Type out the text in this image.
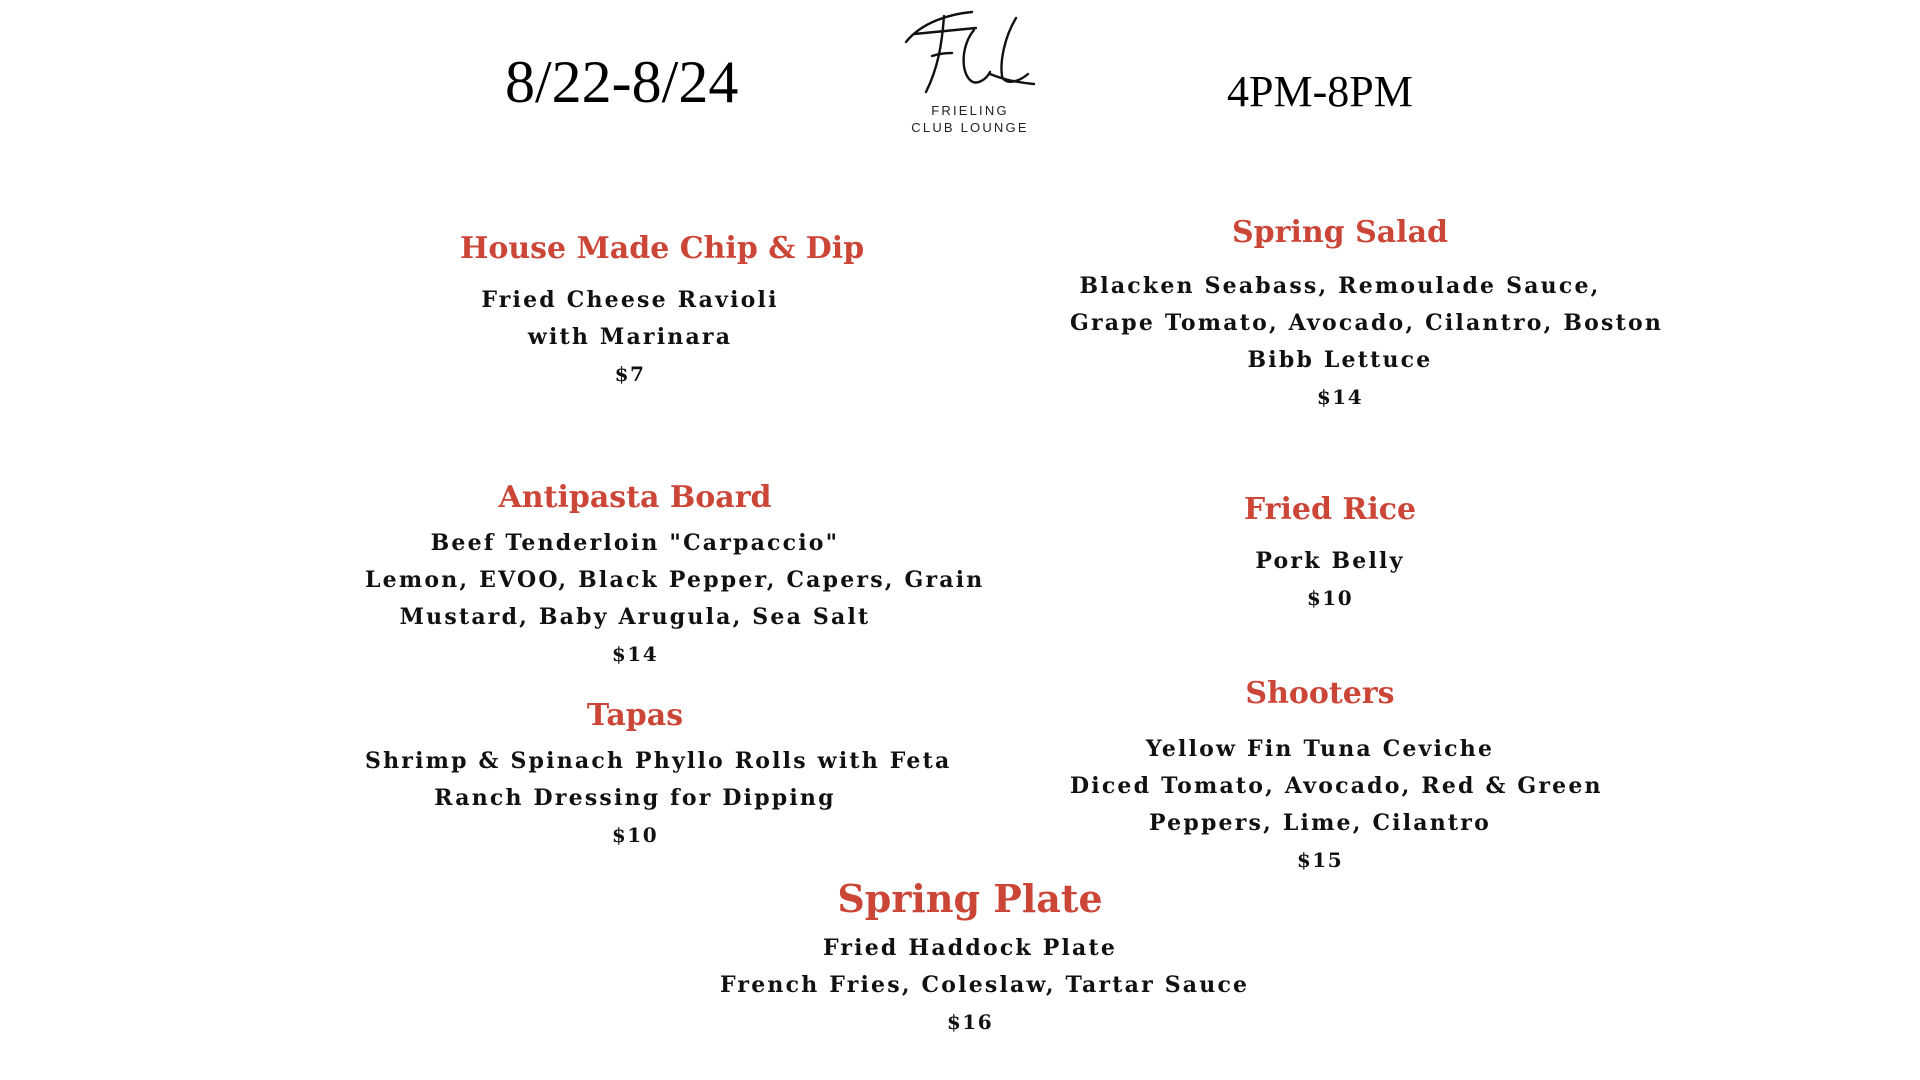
8/22-8/24	FRIELING
CLUB LOUNGE
4PM-8PM
House Made Chip & Dip
Fried Cheese Ravioli
with Marinara
$7
Spring Salad
Blacken Seabass, Remoulade Sauce,
Grape Tomato, Avocado, Cilantro, Boston
Bibb Lettuce
$14
Antipasta Board
Beef Tenderloin "Carpaccio"
Lemon, EVOO, Black Pepper, Capers, Grain
Mustard, Baby Arugula, Sea Salt
$14
Fried Rice
Pork Belly
$10
Tapas
Shrimp & Spinach Phyllo Rolls with Feta
Ranch Dressing for Dipping
$10
Shooters
Yellow Fin Tuna Ceviche
Diced Tomato, Avocado, Red & Green
Peppers, Lime, Cilantro
$15
Spring Plate
Fried Haddock Plate
French Fries, Coleslaw, Tartar Sauce
$16
